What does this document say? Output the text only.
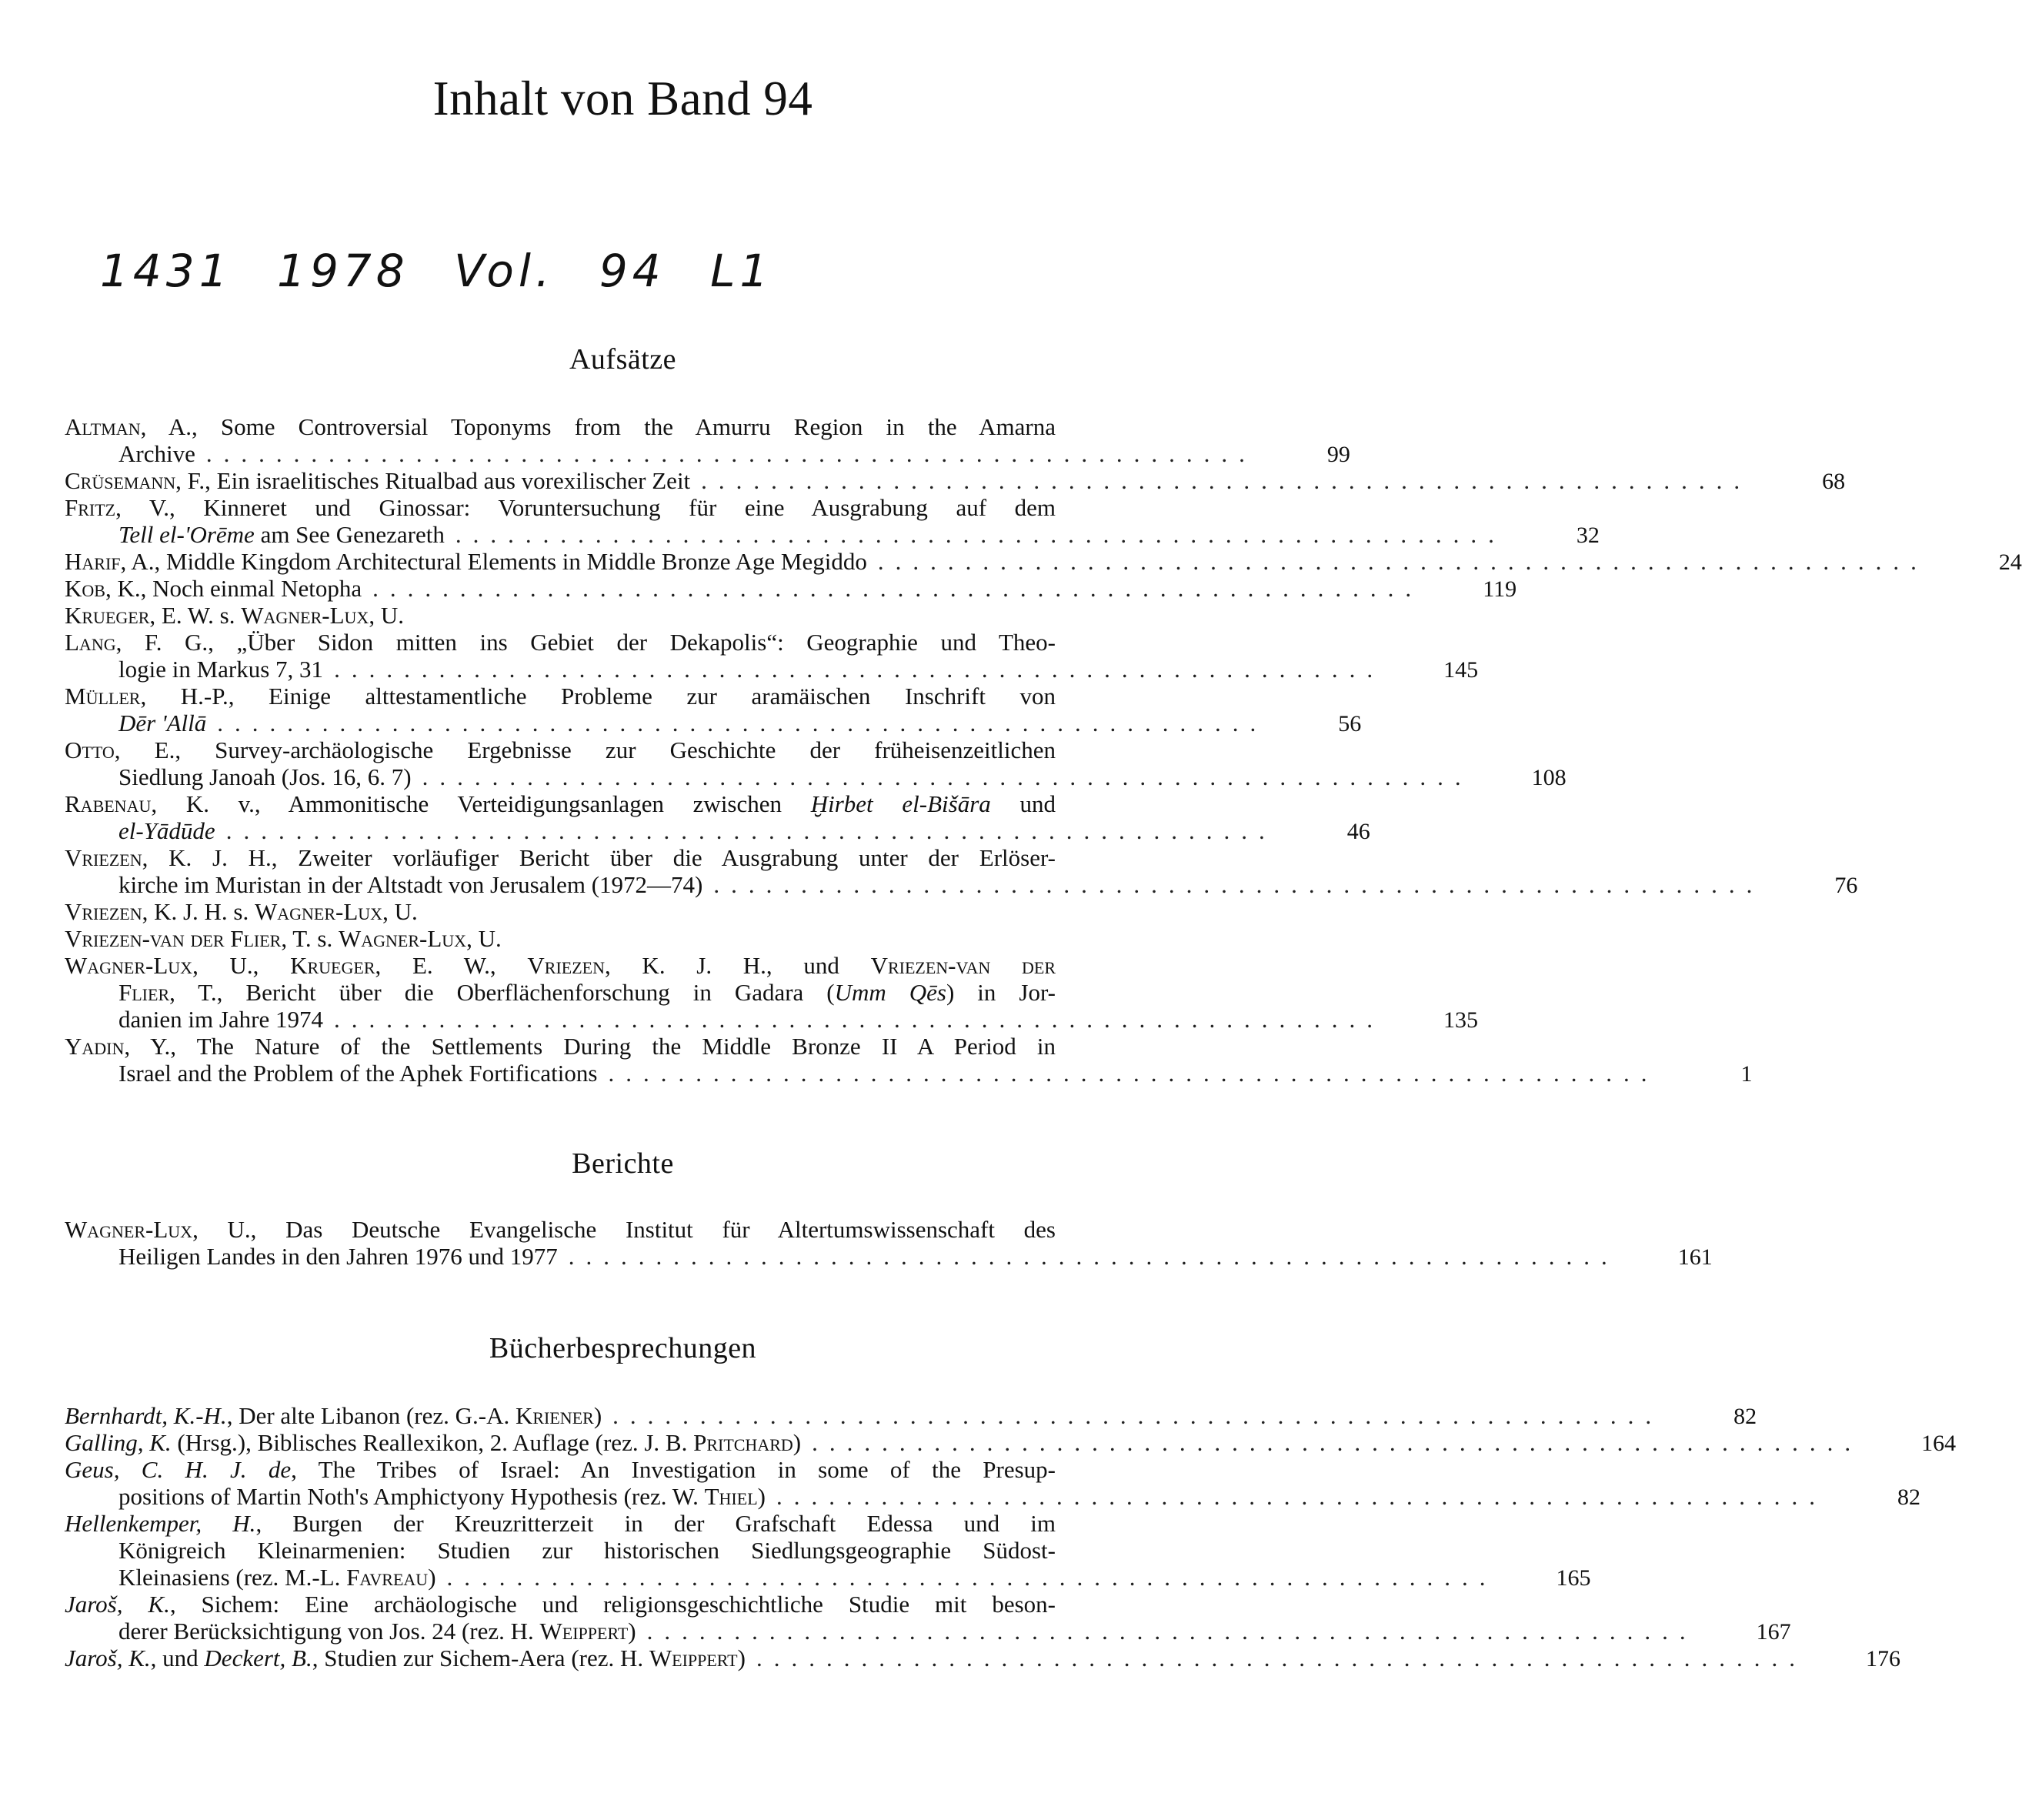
Inhalt von Band 94
1431 1978 Vol. 94 L1
Aufsätze
Altman, A., Some Controversial Toponyms from the Amurru Region in the Amarna
Archive ............................................................	99
Crüsemann, F., Ein israelitisches Ritualbad aus vorexilischer Zeit ............................................................	68
Fritz, V., Kinneret und Ginossar: Voruntersuchung für eine Ausgrabung auf dem
Tell el-'Orēme am See Genezareth ............................................................	32
Harif, A., Middle Kingdom Architectural Elements in Middle Bronze Age Megiddo ............................................................	24
Kob, K., Noch einmal Netopha ............................................................	119
Krueger, E. W. s. Wagner-Lux, U.
Lang, F. G., „Über Sidon mitten ins Gebiet der Dekapolis“: Geographie und Theo-
logie in Markus 7, 31 ............................................................	145
Müller, H.-P., Einige alttestamentliche Probleme zur aramäischen Inschrift von
Dēr 'Allā ............................................................	56
Otto, E., Survey-archäologische Ergebnisse zur Geschichte der früheisenzeitlichen
Siedlung Janoah (Jos. 16, 6. 7) ............................................................	108
Rabenau, K. v., Ammonitische Verteidigungsanlagen zwischen Ḫirbet el-Bišāra und
el-Yādūde ............................................................	46
Vriezen, K. J. H., Zweiter vorläufiger Bericht über die Ausgrabung unter der Erlöser-
kirche im Muristan in der Altstadt von Jerusalem (1972—74) ............................................................	76
Vriezen, K. J. H. s. Wagner-Lux, U.
Vriezen-van der Flier, T. s. Wagner-Lux, U.
Wagner-Lux, U., Krueger, E. W., Vriezen, K. J. H., und Vriezen-van der
Flier, T., Bericht über die Oberflächenforschung in Gadara (Umm Qēs) in Jor-
danien im Jahre 1974 ............................................................	135
Yadin, Y., The Nature of the Settlements During the Middle Bronze II A Period in
Israel and the Problem of the Aphek Fortifications ............................................................	1
Berichte
Wagner-Lux, U., Das Deutsche Evangelische Institut für Altertumswissenschaft des
Heiligen Landes in den Jahren 1976 und 1977 ............................................................	161
Bücherbesprechungen
Bernhardt, K.-H., Der alte Libanon (rez. G.-A. Kriener) ............................................................	82
Galling, K. (Hrsg.), Biblisches Reallexikon, 2. Auflage (rez. J. B. Pritchard) ............................................................	164
Geus, C. H. J. de, The Tribes of Israel: An Investigation in some of the Presup-
positions of Martin Noth's Amphictyony Hypothesis (rez. W. Thiel) ............................................................	82
Hellenkemper, H., Burgen der Kreuzritterzeit in der Grafschaft Edessa und im
Königreich Kleinarmenien: Studien zur historischen Siedlungsgeographie Südost-
Kleinasiens (rez. M.-L. Favreau) ............................................................	165
Jaroš, K., Sichem: Eine archäologische und religionsgeschichtliche Studie mit beson-
derer Berücksichtigung von Jos. 24 (rez. H. Weippert) ............................................................	167
Jaroš, K., und Deckert, B., Studien zur Sichem-Aera (rez. H. Weippert) ............................................................	176
